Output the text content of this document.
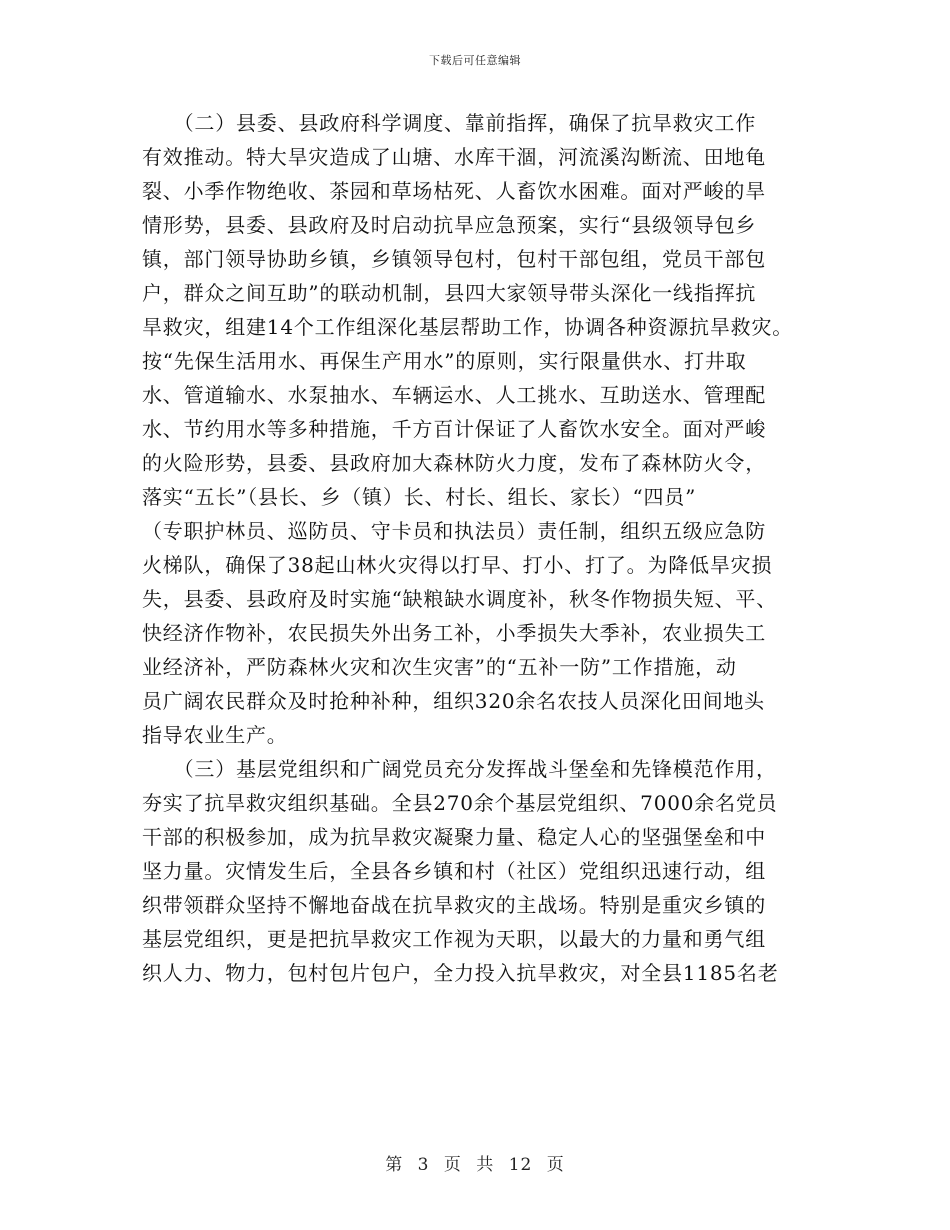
下载后可任意编辑
　　（二）县委、县政府科学调度、靠前指挥，确保了抗旱救灾工作
有效推动。特大旱灾造成了山塘、水库干涸，河流溪沟断流、田地龟
裂、小季作物绝收、茶园和草场枯死、人畜饮水困难。面对严峻的旱
情形势，县委、县政府及时启动抗旱应急预案，实行“县级领导包乡
镇，部门领导协助乡镇，乡镇领导包村，包村干部包组，党员干部包
户，群众之间互助”的联动机制，县四大家领导带头深化一线指挥抗
旱救灾，组建14个工作组深化基层帮助工作，协调各种资源抗旱救灾。
按“先保生活用水、再保生产用水”的原则，实行限量供水、打井取
水、管道输水、水泵抽水、车辆运水、人工挑水、互助送水、管理配
水、节约用水等多种措施，千方百计保证了人畜饮水安全。面对严峻
的火险形势，县委、县政府加大森林防火力度，发布了森林防火令，
落实“五长”（县长、乡（镇）长、村长、组长、家长）“四员”
（专职护林员、巡防员、守卡员和执法员）责任制，组织五级应急防
火梯队，确保了38起山林火灾得以打早、打小、打了。为降低旱灾损
失，县委、县政府及时实施“缺粮缺水调度补，秋冬作物损失短、平、
快经济作物补，农民损失外出务工补，小季损失大季补，农业损失工
业经济补，严防森林火灾和次生灾害”的“五补一防”工作措施，动
员广阔农民群众及时抢种补种，组织320余名农技人员深化田间地头
指导农业生产。
　　（三）基层党组织和广阔党员充分发挥战斗堡垒和先锋模范作用，
夯实了抗旱救灾组织基础。全县270余个基层党组织、7000余名党员
干部的积极参加，成为抗旱救灾凝聚力量、稳定人心的坚强堡垒和中
坚力量。灾情发生后，全县各乡镇和村（社区）党组织迅速行动，组
织带领群众坚持不懈地奋战在抗旱救灾的主战场。特别是重灾乡镇的
基层党组织，更是把抗旱救灾工作视为天职，以最大的力量和勇气组
织人力、物力，包村包片包户，全力投入抗旱救灾，对全县1185名老
第 3 页 共 12 页
